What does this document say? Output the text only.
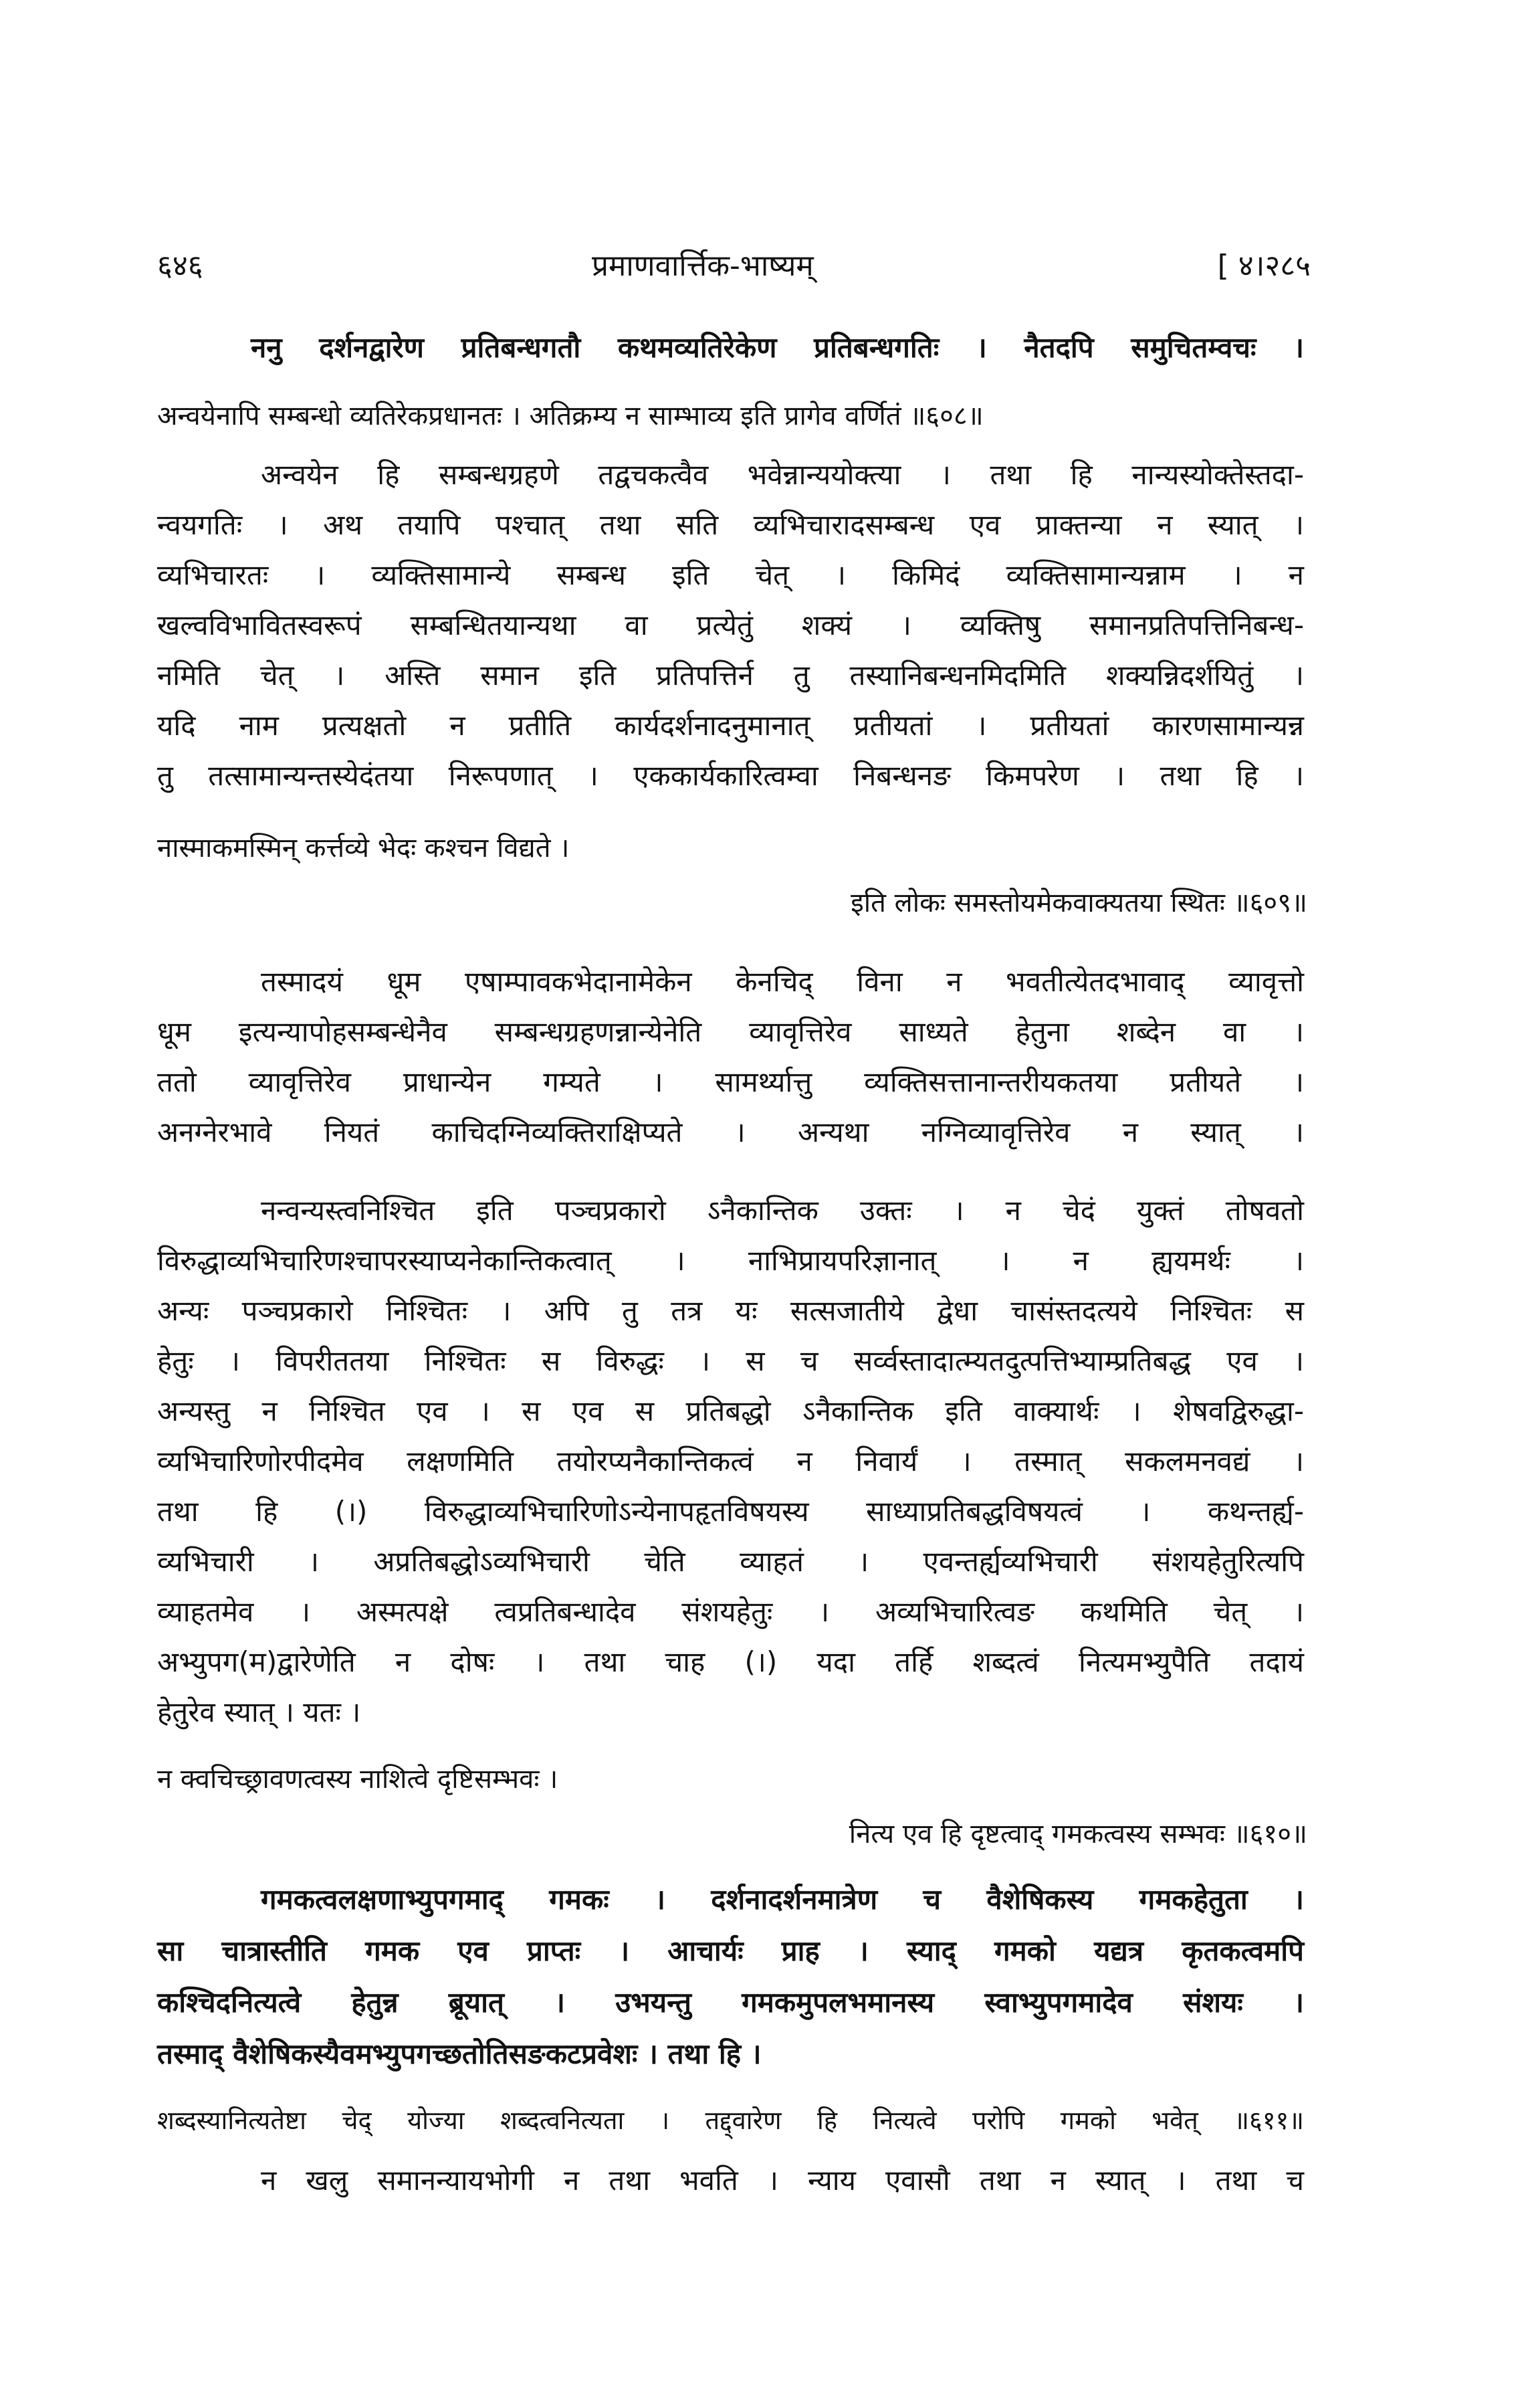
६४६	प्रमाणवार्त्तिक-भाष्यम्	[ ४।२८५
ननु दर्शनद्वारेण प्रतिबन्धगतौ कथमव्यतिरेकेण प्रतिबन्धगतिः । नैतदपि समुचितम्वचः ।
अन्वयेनापि सम्बन्धो व्यतिरेकप्रधानतः । अतिक्रम्य न साम्भाव्य इति प्रागेव वर्णितं ॥६०८॥
अन्वयेन हि सम्बन्धग्रहणे तद्वचकत्वैव भवेन्नान्ययोक्त्या । तथा हि नान्यस्योक्तेस्तदा-
न्वयगतिः । अथ तयापि पश्चात् तथा सति व्यभिचारादसम्बन्ध एव प्राक्तन्या न स्यात् ।
व्यभिचारतः । व्यक्तिसामान्ये सम्बन्ध इति चेत् । किमिदं व्यक्तिसामान्यन्नाम । न
खल्वविभावितस्वरूपं सम्बन्धितयान्यथा वा प्रत्येतुं शक्यं । व्यक्तिषु समानप्रतिपत्तिनिबन्ध-
नमिति चेत् । अस्ति समान इति प्रतिपत्तिर्न तु तस्यानिबन्धनमिदमिति शक्यन्निदर्शयितुं ।
यदि नाम प्रत्यक्षतो न प्रतीति कार्यदर्शनादनुमानात् प्रतीयतां । प्रतीयतां कारणसामान्यन्न
तु तत्सामान्यन्तस्येदंतया निरूपणात् । एककार्यकारित्वम्वा निबन्धनङ किमपरेण । तथा हि ।
नास्माकमस्मिन् कर्त्तव्ये भेदः कश्चन विद्यते ।
इति लोकः समस्तोयमेकवाक्यतया स्थितः ॥६०९॥
तस्मादयं धूम एषाम्पावकभेदानामेकेन केनचिद् विना न भवतीत्येतदभावाद् व्यावृत्तो
धूम इत्यन्यापोहसम्बन्धेनैव सम्बन्धग्रहणन्नान्येनेति व्यावृत्तिरेव साध्यते हेतुना शब्देन वा ।
ततो व्यावृत्तिरेव प्राधान्येन गम्यते । सामर्थ्यात्तु व्यक्तिसत्तानान्तरीयकतया प्रतीयते ।
अनग्नेरभावे नियतं काचिदग्निव्यक्तिराक्षिप्यते । अन्यथा नग्निव्यावृत्तिरेव न स्यात् ।
नन्वन्यस्त्वनिश्चित इति पञ्चप्रकारो ऽनैकान्तिक उक्तः । न चेदं युक्तं तोषवतो
विरुद्धाव्यभिचारिणश्चापरस्याप्यनेकान्तिकत्वात् । नाभिप्रायपरिज्ञानात् । न ह्ययमर्थः ।
अन्यः पञ्चप्रकारो निश्चितः । अपि तु तत्र यः सत्सजातीये द्वेधा चासंस्तदत्यये निश्चितः स
हेतुः । विपरीततया निश्चितः स विरुद्धः । स च सर्व्वस्तादात्म्यतदुत्पत्तिभ्याम्प्रतिबद्ध एव ।
अन्यस्तु न निश्चित एव । स एव स प्रतिबद्धो ऽनैकान्तिक इति वाक्यार्थः । शेषवद्विरुद्धा-
व्यभिचारिणोरपीदमेव लक्षणमिति तयोरप्यनैकान्तिकत्वं न निवार्यं । तस्मात् सकलमनवद्यं ।
तथा हि (।) विरुद्धाव्यभिचारिणोऽन्येनापहृतविषयस्य साध्याप्रतिबद्धविषयत्वं । कथन्तर्ह्य-
व्यभिचारी । अप्रतिबद्धोऽव्यभिचारी चेति व्याहतं । एवन्तर्ह्यव्यभिचारी संशयहेतुरित्यपि
व्याहतमेव । अस्मत्पक्षे त्वप्रतिबन्धादेव संशयहेतुः । अव्यभिचारित्वङ कथमिति चेत् ।
अभ्युपग(म)द्वारेणेति न दोषः । तथा चाह (।) यदा तर्हि शब्दत्वं नित्यमभ्युपैति तदायं
हेतुरेव स्यात् । यतः ।
न क्वचिच्छ्रावणत्वस्य नाशित्वे दृष्टिसम्भवः ।
नित्य एव हि दृष्टत्वाद् गमकत्वस्य सम्भवः ॥६१०॥
गमकत्वलक्षणाभ्युपगमाद् गमकः । दर्शनादर्शनमात्रेण च वैशेषिकस्य गमकहेतुता ।
सा चात्रास्तीति गमक एव प्राप्तः । आचार्यः प्राह । स्याद् गमको यद्यत्र कृतकत्वमपि
कश्चिदनित्यत्वे हेतुन्न ब्रूयात् । उभयन्तु गमकमुपलभमानस्य स्वाभ्युपगमादेव संशयः ।
तस्माद् वैशेषिकस्यैवमभ्युपगच्छतोतिसङकटप्रवेशः । तथा हि ।
शब्दस्यानित्यतेष्टा चेद् योज्या शब्दत्वनित्यता । तद्द्वारेण हि नित्यत्वे परोपि गमको भवेत् ॥६११॥
न खलु समानन्यायभोगी न तथा भवति । न्याय एवासौ तथा न स्यात् । तथा च
